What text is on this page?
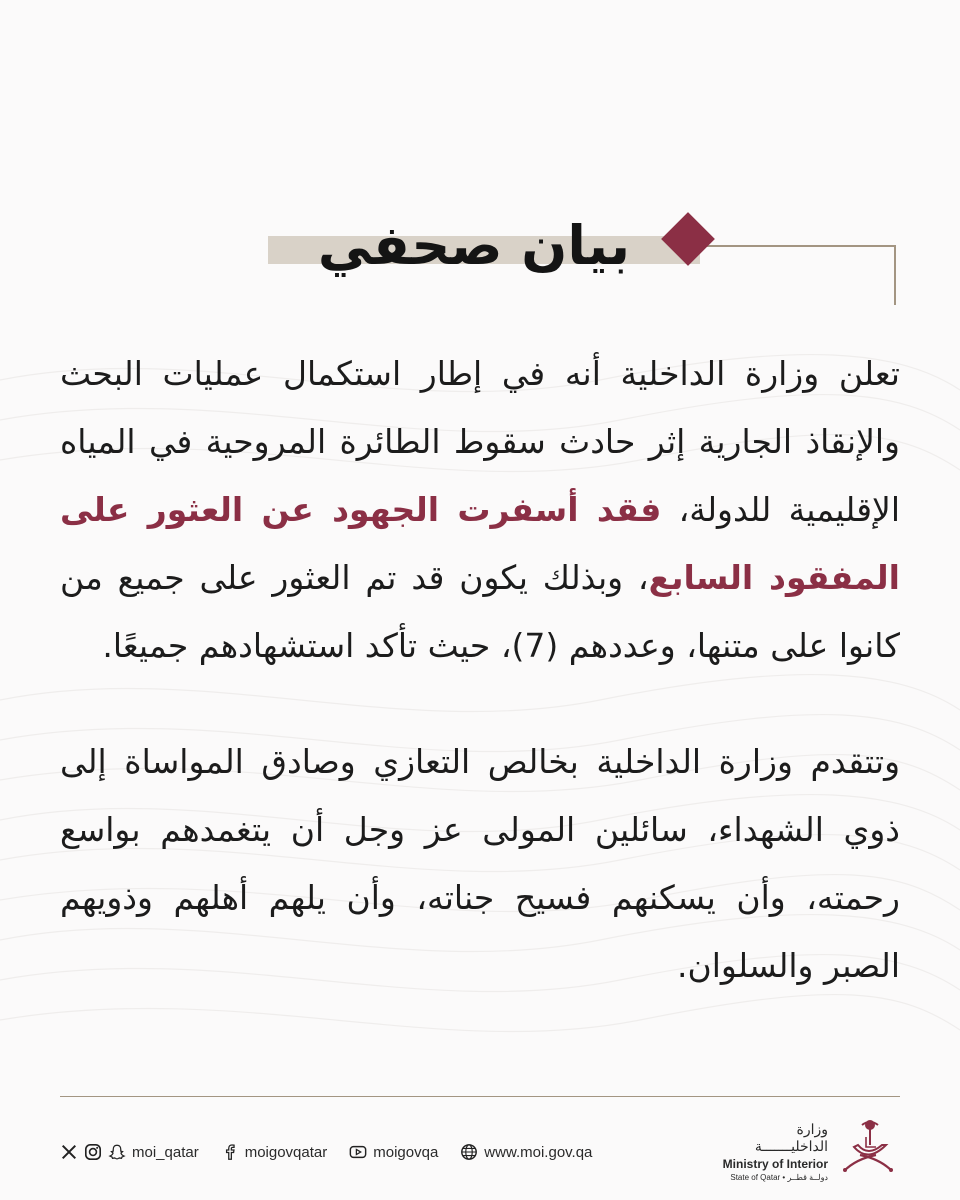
بيان صحفي

تعلن وزارة الداخلية أنه في إطار استكمال عمليات البحث والإنقاذ الجارية إثر حادث سقوط الطائرة المروحية في المياه الإقليمية للدولة، فقد أسفرت الجهود عن العثور على المفقود السابع، وبذلك يكون قد تم العثور على جميع من كانوا على متنها، وعددهم (7)، حيث تأكد استشهادهم جميعًا.

وتتقدم وزارة الداخلية بخالص التعازي وصادق المواساة إلى ذوي الشهداء، سائلين المولى عز وجل أن يتغمدهم بواسع رحمته، وأن يسكنهم فسيح جناته، وأن يلهم أهلهم وذويهم الصبر والسلوان.

moi_qatar	moigovqatar	moigovqa	www.moi.gov.qa
وزارة الداخليـــــــة
Ministry of Interior
State of Qatar • دولــة قطــر
